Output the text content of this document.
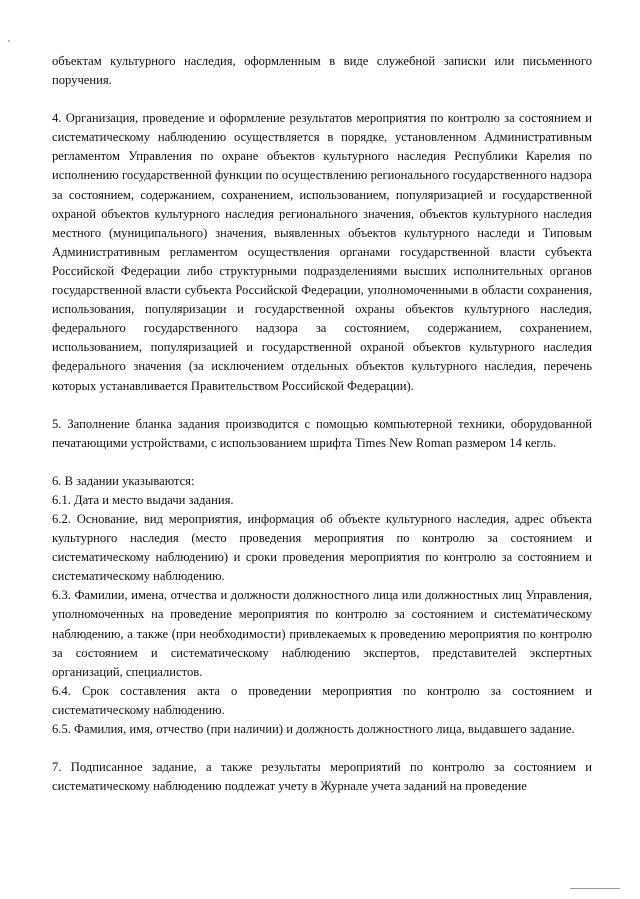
объектам культурного наследия, оформленным в виде служебной записки или письменного поручения.

4. Организация, проведение и оформление результатов мероприятия по контролю за состоянием и систематическому наблюдению осуществляется в порядке, установленном Административным регламентом Управления по охране объектов культурного наследия Республики Карелия по исполнению государственной функции по осуществлению регионального государственного надзора за состоянием, содержанием, сохранением, использованием, популяризацией и государственной охраной объектов культурного наследия регионального значения, объектов культурного наследия местного (муниципального) значения, выявленных объектов культурного наследи и Типовым Административным регламентом осуществления органами государственной власти субъекта Российской Федерации либо структурными подразделениями высших исполнительных органов государственной власти субъекта Российской Федерации, уполномоченными в области сохранения, использования, популяризации и государственной охраны объектов культурного наследия, федерального государственного надзора за состоянием, содержанием, сохранением, использованием, популяризацией и государственной охраной объектов культурного наследия федерального значения (за исключением отдельных объектов культурного наследия, перечень которых устанавливается Правительством Российской Федерации).

5. Заполнение бланка задания производится с помощью компьютерной техники, оборудованной печатающими устройствами, с использованием шрифта Times New Roman размером 14 кегль.

6. В задании указываются:

6.1. Дата и место выдачи задания.

6.2. Основание, вид мероприятия, информация об объекте культурного наследия, адрес объекта культурного наследия (место проведения мероприятия по контролю за состоянием и систематическому наблюдению) и сроки проведения мероприятия по контролю за состоянием и систематическому наблюдению.

6.3. Фамилии, имена, отчества и должности должностного лица или должностных лиц Управления, уполномоченных на проведение мероприятия по контролю за состоянием и систематическому наблюдению, а также (при необходимости) привлекаемых к проведению мероприятия по контролю за состоянием и систематическому наблюдению экспертов, представителей экспертных организаций, специалистов.

6.4. Срок составления акта о проведении мероприятия по контролю за состоянием и систематическому наблюдению.

6.5. Фамилия, имя, отчество (при наличии) и должность должностного лица, выдавшего задание.

7. Подписанное задание, а также результаты мероприятий по контролю за состоянием и систематическому наблюдению подлежат учету в Журнале учета заданий на проведение
